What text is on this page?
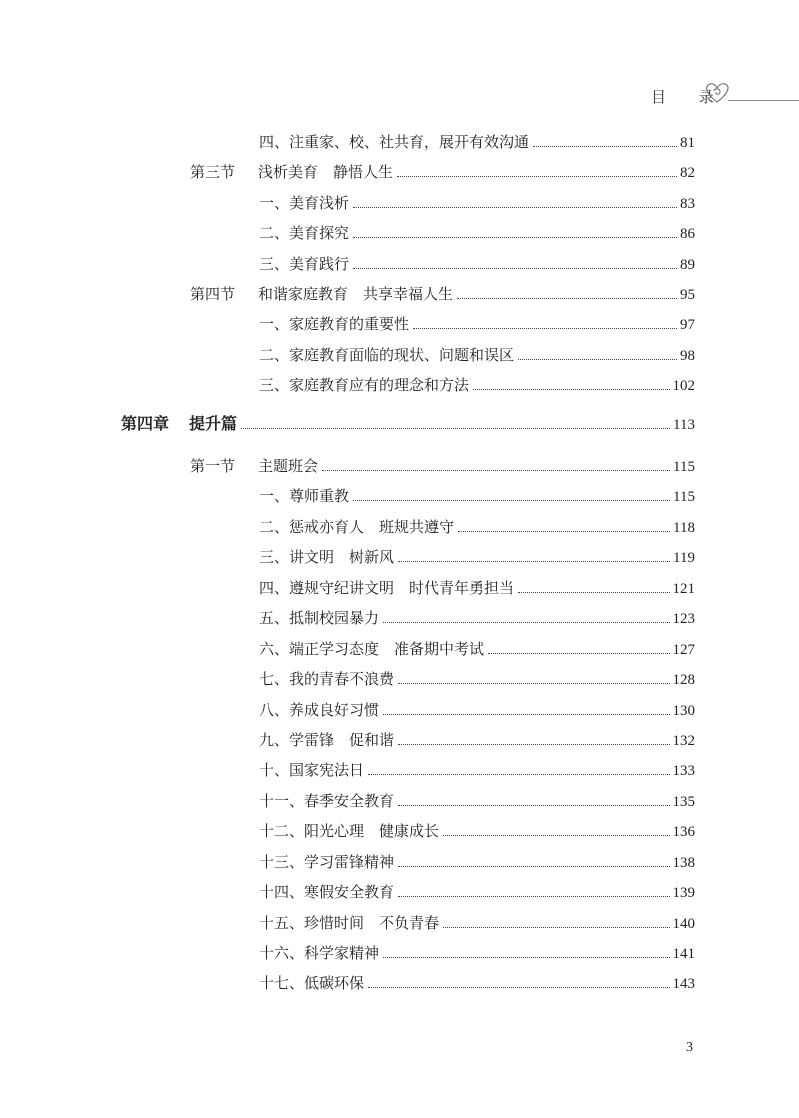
目 录
四、注重家、校、社共育，展开有效沟通	81
第三节	浅析美育　静悟人生	82
一、美育浅析	83
二、美育探究	86
三、美育践行	89
第四节	和谐家庭教育　共享幸福人生	95
一、家庭教育的重要性	97
二、家庭教育面临的现状、问题和误区	98
三、家庭教育应有的理念和方法	102
第四章	提升篇	113
第一节	主题班会	115
一、尊师重教	115
二、惩戒亦育人　班规共遵守	118
三、讲文明　树新风	119
四、遵规守纪讲文明　时代青年勇担当	121
五、抵制校园暴力	123
六、端正学习态度　准备期中考试	127
七、我的青春不浪费	128
八、养成良好习惯	130
九、学雷锋　促和谐	132
十、国家宪法日	133
十一、春季安全教育	135
十二、阳光心理　健康成长	136
十三、学习雷锋精神	138
十四、寒假安全教育	139
十五、珍惜时间　不负青春	140
十六、科学家精神	141
十七、低碳环保	143
3
